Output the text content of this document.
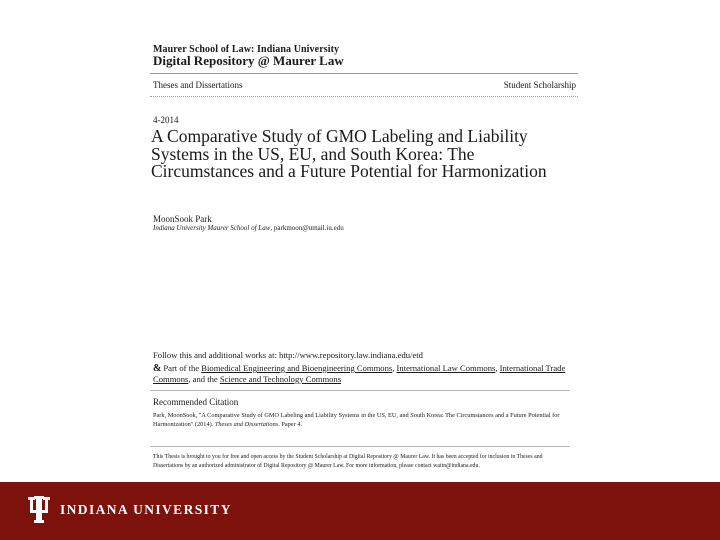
Maurer School of Law: Indiana University
Digital Repository @ Maurer Law
Theses and Dissertations	Student Scholarship
4-2014
A Comparative Study of GMO Labeling and Liability Systems in the US, EU, and South Korea: The Circumstances and a Future Potential for Harmonization
MoonSook Park
Indiana University Maurer School of Law, parkmoon@umail.iu.edu
Follow this and additional works at: http://www.repository.law.indiana.edu/etd
& Part of the Biomedical Engineering and Bioengineering Commons, International Law Commons, International Trade Commons, and the Science and Technology Commons
Recommended Citation
Park, MoonSook, "A Comparative Study of GMO Labeling and Liability Systems in the US, EU, and South Korea: The Circumstances and a Future Potential for Harmonization" (2014). Theses and Dissertations. Paper 4.
This Thesis is brought to you for free and open access by the Student Scholarship at Digital Repository @ Maurer Law. It has been accepted for inclusion in Theses and Dissertations by an authorized administrator of Digital Repository @ Maurer Law. For more information, please contact wattn@indiana.edu.
INDIANA UNIVERSITY
